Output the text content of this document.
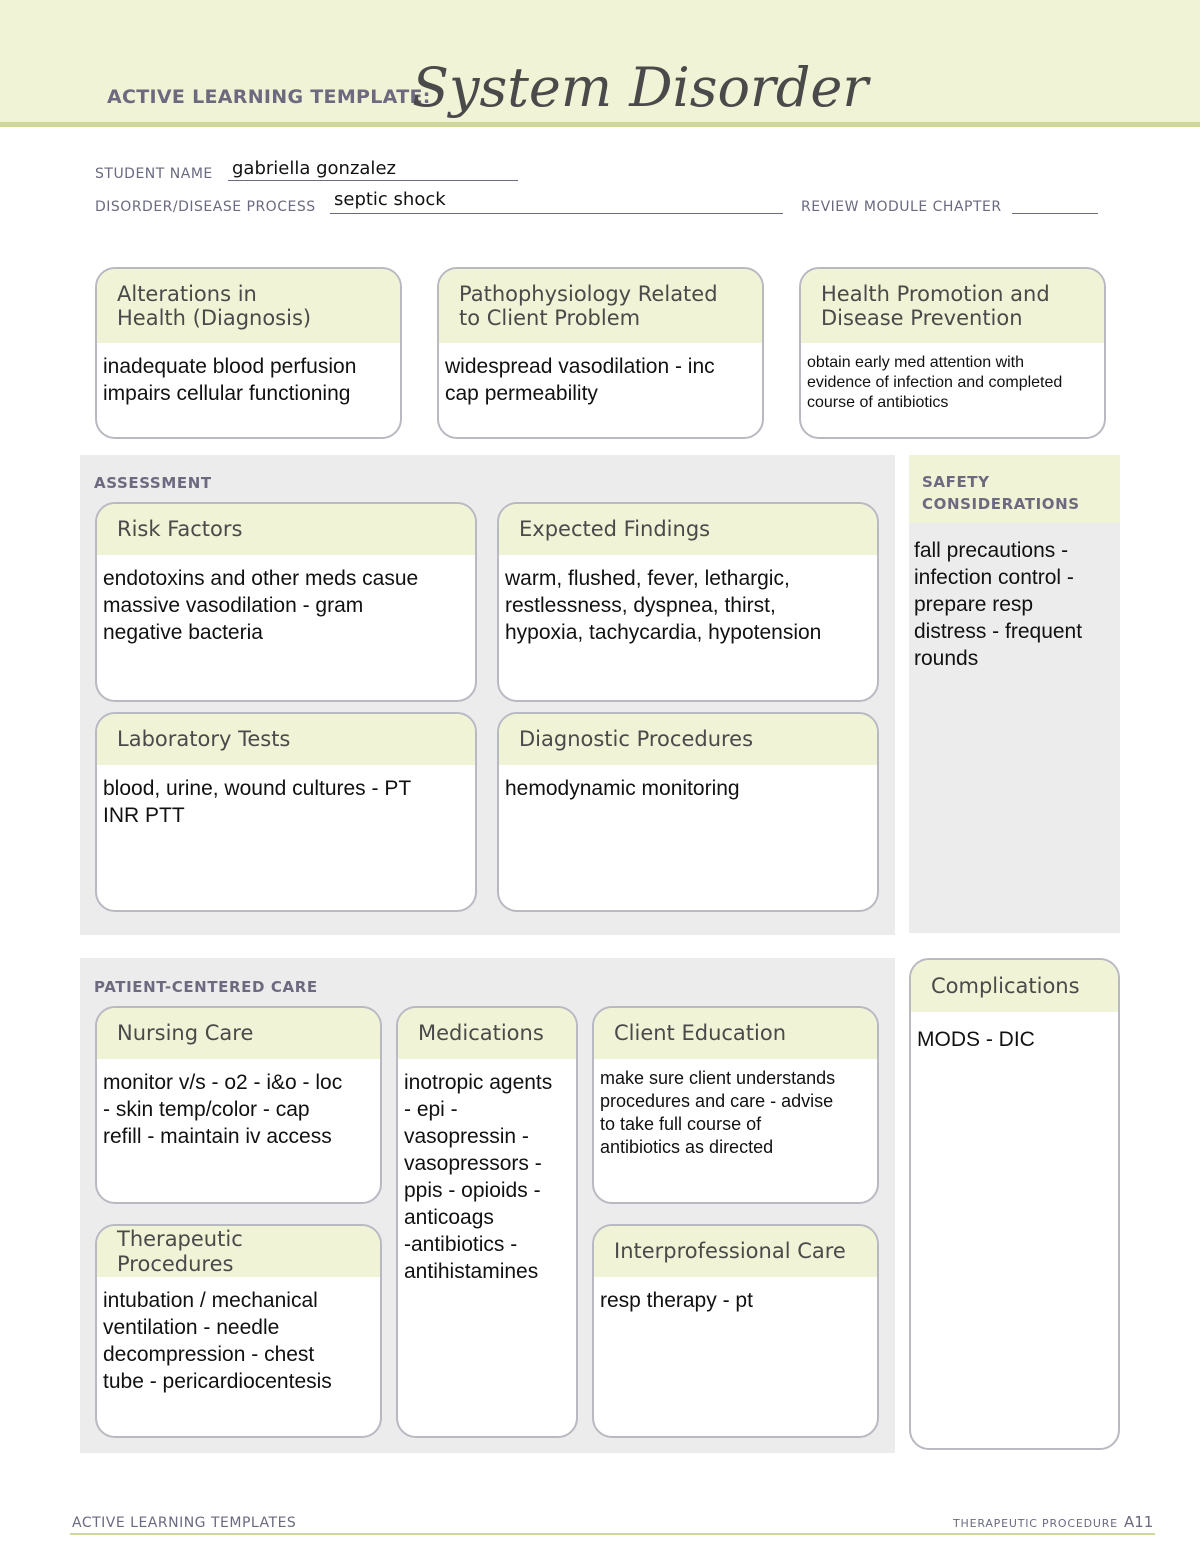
ACTIVE LEARNING TEMPLATE:
System Disorder
STUDENT NAME gabriella gonzalez
DISORDER/DISEASE PROCESS septic shock	REVIEW MODULE CHAPTER
Alterations in
Health (Diagnosis)
inadequate blood perfusion
impairs cellular functioning
Pathophysiology Related
to Client Problem
widespread vasodilation - inc
cap permeability
Health Promotion and
Disease Prevention
obtain early med attention with
evidence of infection and completed
course of antibiotics
ASSESSMENT
Risk Factors
endotoxins and other meds casue
massive vasodilation - gram
negative bacteria
Expected Findings
warm, flushed, fever, lethargic,
restlessness, dyspnea, thirst,
hypoxia, tachycardia, hypotension
Laboratory Tests
blood, urine, wound cultures - PT
INR PTT
Diagnostic Procedures
hemodynamic monitoring
SAFETY
CONSIDERATIONS
fall precautions -
infection control -
prepare resp
distress - frequent
rounds
PATIENT-CENTERED CARE
Nursing Care
monitor v/s - o2 - i&o - loc
- skin temp/color - cap
refill - maintain iv access
Medications
inotropic agents
- epi -
vasopressin -
vasopressors -
ppis - opioids -
anticoags
-antibiotics -
antihistamines
Client Education
make sure client understands
procedures and care - advise
to take full course of
antibiotics as directed
Therapeutic Procedures
intubation / mechanical
ventilation - needle
decompression - chest
tube - pericardiocentesis
Interprofessional Care
resp therapy - pt
Complications
MODS - DIC
ACTIVE LEARNING TEMPLATES	THERAPEUTIC PROCEDURE A11
